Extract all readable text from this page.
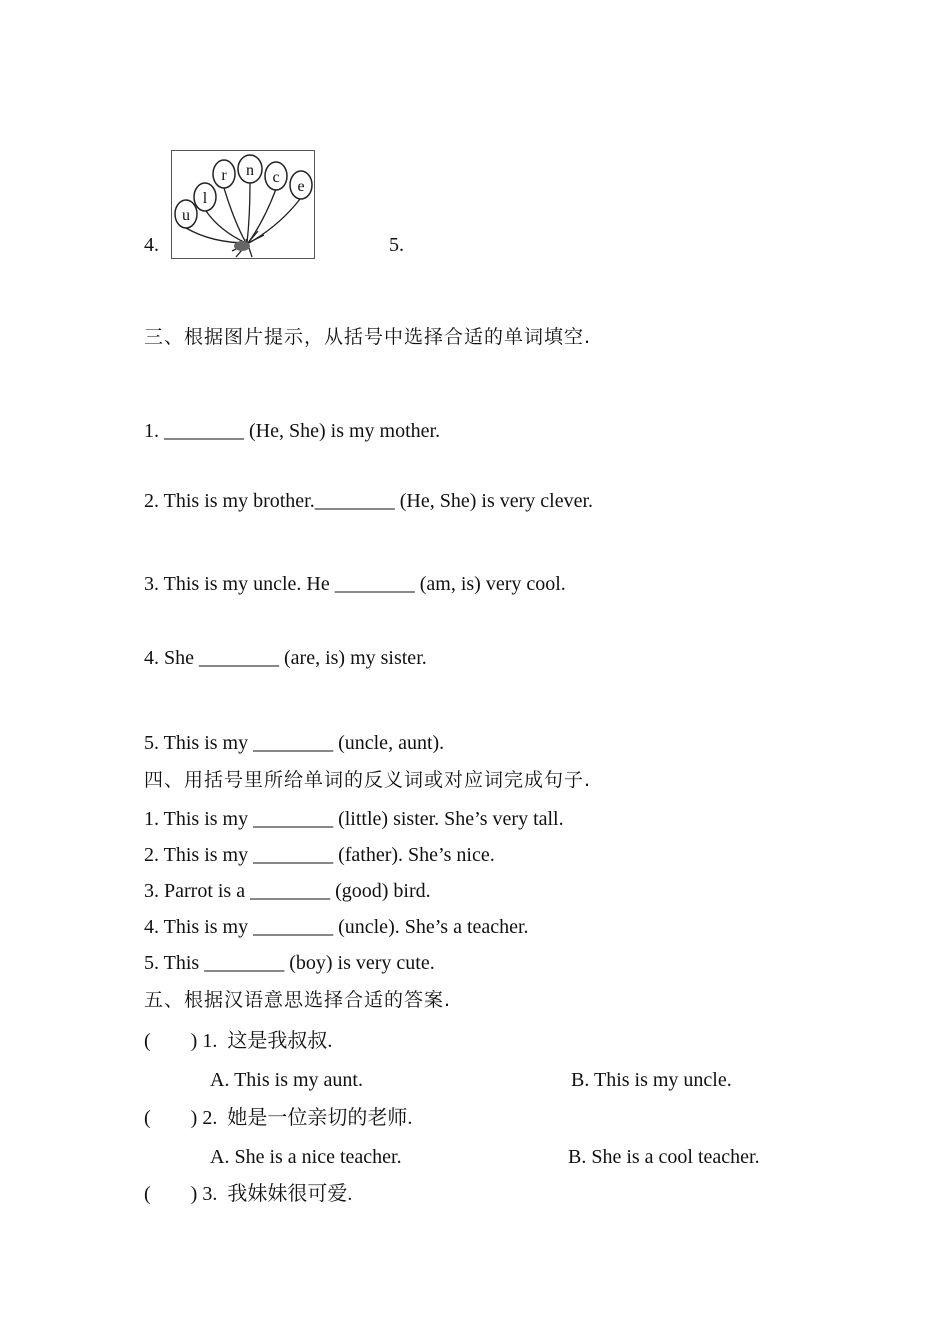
4.
u
l
r n c
e
5.
三、根据图片提示，从括号中选择合适的单词填空.
1. ________ (He, She) is my mother.
2. This is my brother.________ (He, She) is very clever.
3. This is my uncle. He ________ (am, is) very cool.
4. She ________ (are, is) my sister.
5. This is my ________ (uncle, aunt).
四、用括号里所给单词的反义词或对应词完成句子.
1. This is my ________ (little) sister. She’s very tall.
2. This is my ________ (father). She’s nice.
3. Parrot is a ________ (good) bird.
4. This is my ________ (uncle). She’s a teacher.
5. This ________ (boy) is very cute.
五、根据汉语意思选择合适的答案.
(        ) 1.  这是我叔叔.
A. This is my aunt.	B. This is my uncle.
(        ) 2.  她是一位亲切的老师.
A. She is a nice teacher.	B. She is a cool teacher.
(        ) 3.  我妹妹很可爱.
